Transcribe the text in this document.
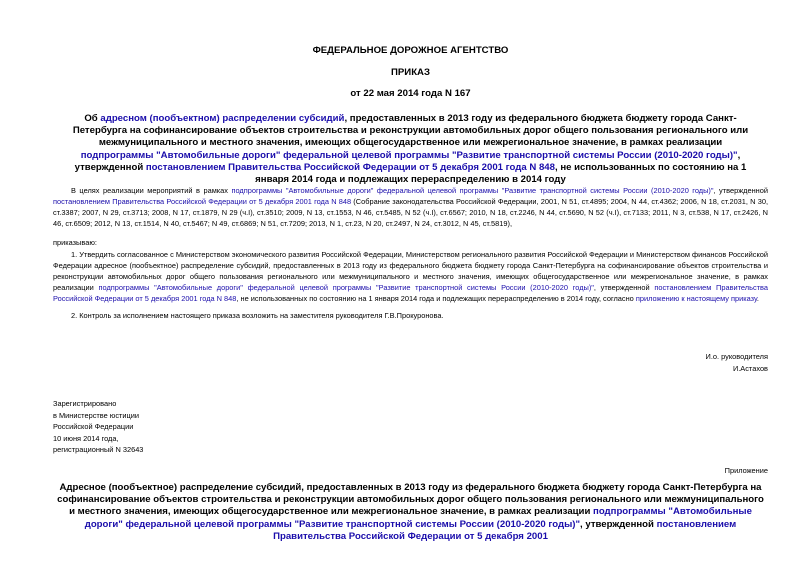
ФЕДЕРАЛЬНОЕ ДОРОЖНОЕ АГЕНТСТВО
ПРИКАЗ
от 22 мая 2014 года N 167
Об адресном (пообъектном) распределении субсидий, предоставленных в 2013 году из федерального бюджета бюджету города Санкт-Петербурга на софинансирование объектов строительства и реконструкции автомобильных дорог общего пользования регионального или межмуниципального и местного значения, имеющих общегосударственное или межрегиональное значение, в рамках реализации подпрограммы "Автомобильные дороги" федеральной целевой программы "Развитие транспортной системы России (2010-2020 годы)", утвержденной постановлением Правительства Российской Федерации от 5 декабря 2001 года N 848, не использованных по состоянию на 1 января 2014 года и подлежащих перераспределению в 2014 году
В целях реализации мероприятий в рамках подпрограммы "Автомобильные дороги" федеральной целевой программы "Развитие транспортной системы России (2010-2020 годы)", утвержденной постановлением Правительства Российской Федерации от 5 декабря 2001 года N 848 (Собрание законодательства Российской Федерации, 2001, N 51, ст.4895; 2004, N 44, ст.4362; 2006, N 18, ст.2031, N 30, ст.3387; 2007, N 29, ст.3713; 2008, N 17, ст.1879, N 29 (ч.I), ст.3510; 2009, N 13, ст.1553, N 46, ст.5485, N 52 (ч.I), ст.6567; 2010, N 18, ст.2246, N 44, ст.5690, N 52 (ч.I), ст.7133; 2011, N 3, ст.538, N 17, ст.2426, N 46, ст.6509; 2012, N 13, ст.1514, N 40, ст.5467; N 49, ст.6869; N 51, ст.7209; 2013, N 1, ст.23, N 20, ст.2497, N 24, ст.3012, N 45, ст.5819),
приказываю:
1. Утвердить согласованное с Министерством экономического развития Российской Федерации, Министерством регионального развития Российской Федерации и Министерством финансов Российской Федерации адресное (пообъектное) распределение субсидий, предоставленных в 2013 году из федерального бюджета бюджету города Санкт-Петербурга на софинансирование объектов строительства и реконструкции автомобильных дорог общего пользования регионального или межмуниципального и местного значения, имеющих общегосударственное или межрегиональное значение, в рамках реализации подпрограммы "Автомобильные дороги" федеральной целевой программы "Развитие транспортной системы России (2010-2020 годы)", утвержденной постановлением Правительства Российской Федерации от 5 декабря 2001 года N 848, не использованных по состоянию на 1 января 2014 года и подлежащих перераспределению в 2014 году, согласно приложению к настоящему приказу.
2. Контроль за исполнением настоящего приказа возложить на заместителя руководителя Г.В.Прокуронова.
И.о. руководителя
И.Астахов
Зарегистрировано
в Министерстве юстиции
Российской Федерации
10 июня 2014 года,
регистрационный N 32643
Приложение
Адресное (пообъектное) распределение субсидий, предоставленных в 2013 году из федерального бюджета бюджету города Санкт-Петербурга на софинансирование объектов строительства и реконструкции автомобильных дорог общего пользования регионального или межмуниципального и местного значения, имеющих общегосударственное или межрегиональное значение, в рамках реализации подпрограммы "Автомобильные дороги" федеральной целевой программы "Развитие транспортной системы России (2010-2020 годы)", утвержденной постановлением Правительства Российской Федерации от 5 декабря 2001
